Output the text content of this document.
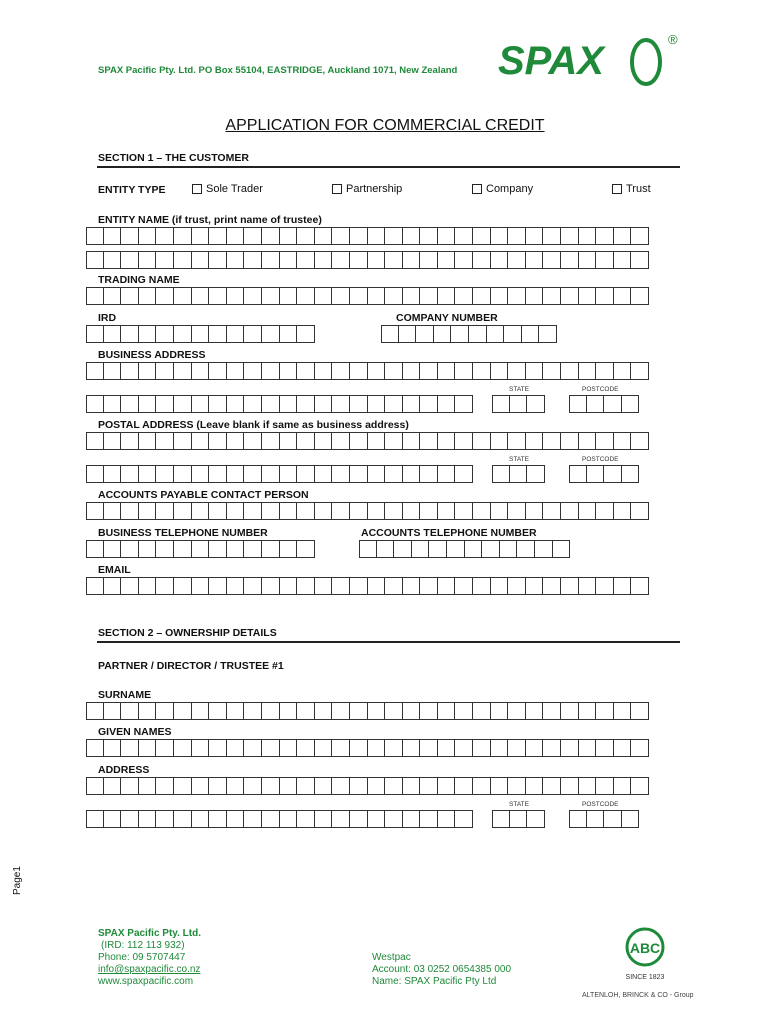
SPAX Pacific Pty. Ltd. PO Box 55104, EASTRIDGE, Auckland 1071, New Zealand SPAX	®
APPLICATION FOR COMMERCIAL CREDIT
SECTION 1 – THE CUSTOMER
ENTITY TYPE	Sole Trader	Partnership	Company	Trust
ENTITY NAME (if trust, print name of trustee)
TRADING NAME
IRD	COMPANY NUMBER
BUSINESS ADDRESS
STATE	POSTCODE
POSTAL ADDRESS (Leave blank if same as business address)
STATE	POSTCODE
ACCOUNTS PAYABLE CONTACT PERSON
BUSINESS TELEPHONE NUMBER	ACCOUNTS TELEPHONE NUMBER
EMAIL
SECTION 2 – OWNERSHIP DETAILS
PARTNER / DIRECTOR / TRUSTEE #1
SURNAME
GIVEN NAMES
ADDRESS
STATE	POSTCODE
Page1
SPAX Pacific Pty. Ltd.
(IRD: 112 113 932)
Phone: 09 5707447
info@spaxpacific.co.nz
www.spaxpacific.com
Westpac
Account: 03 0252 0654385 000
Name: SPAX Pacific Pty Ltd
ABC
SINCE 1823
ALTENLOH, BRINCK & CO - Group
